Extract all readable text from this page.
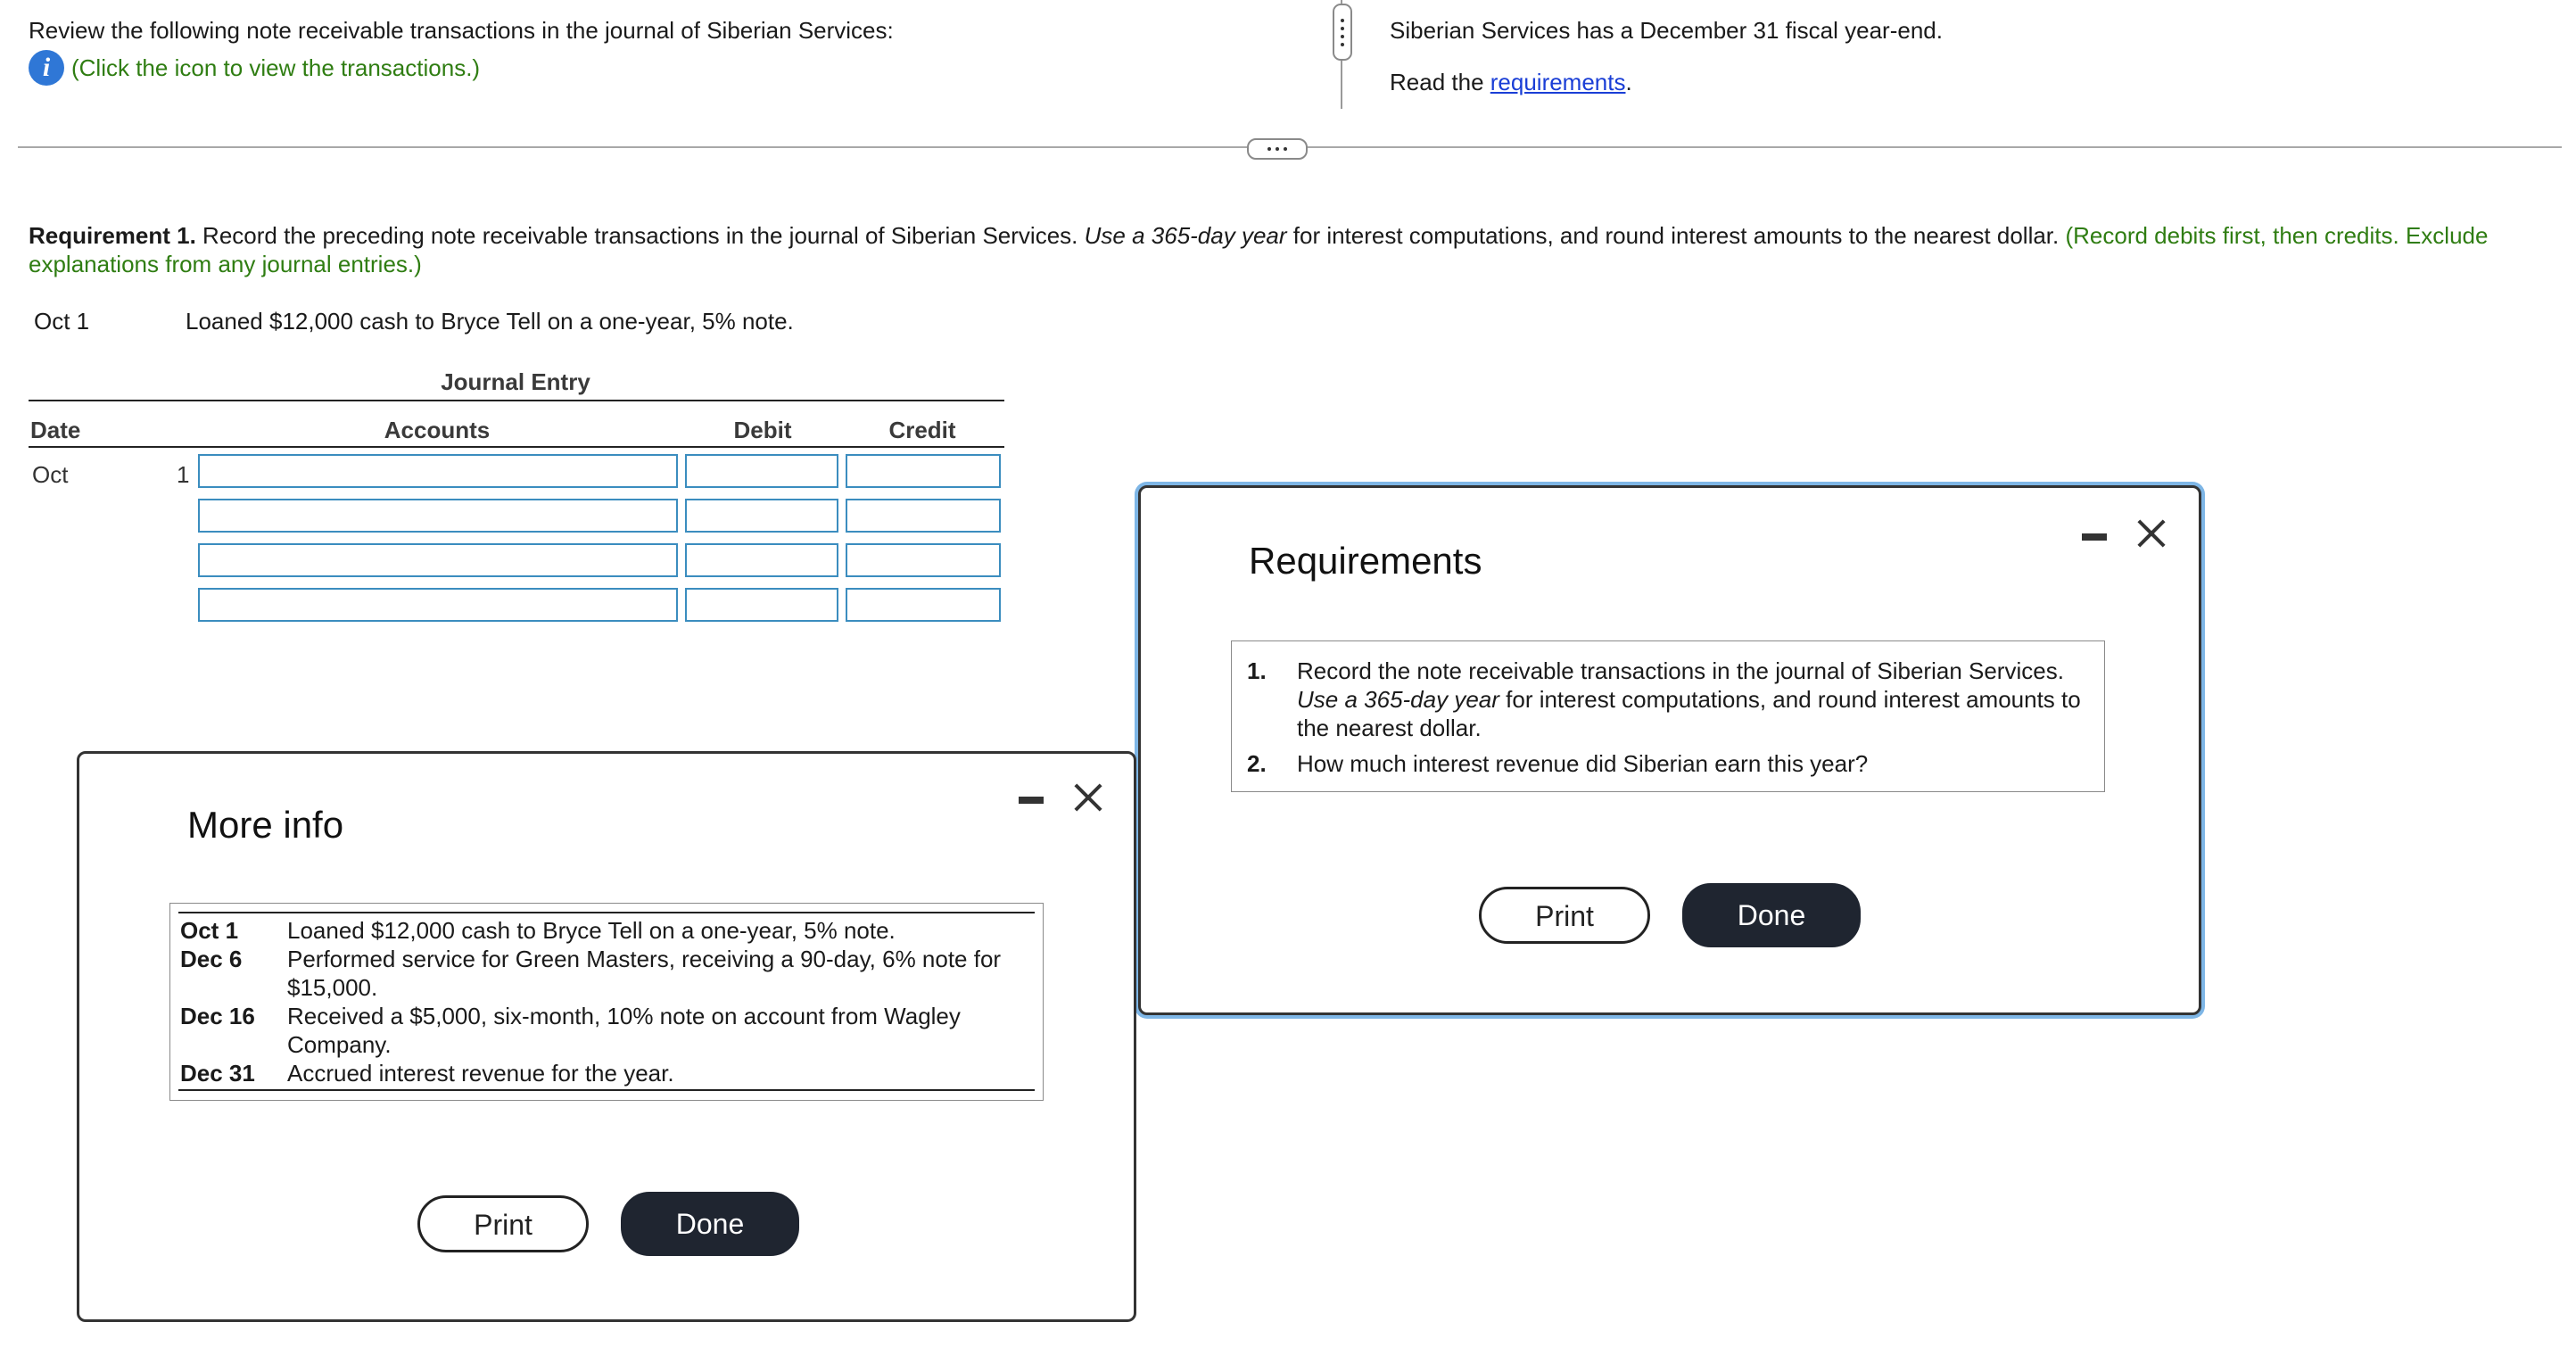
Review the following note receivable transactions in the journal of Siberian Services:
i (Click the icon to view the transactions.)
Siberian Services has a December 31 fiscal year-end.
Read the requirements.
Requirement 1. Record the preceding note receivable transactions in the journal of Siberian Services. Use a 365-day year for interest computations, and round interest amounts to the nearest dollar. (Record debits first, then credits. Exclude explanations from any journal entries.)
Oct 1	Loaned $12,000 cash to Bryce Tell on a one-year, 5% note.
Journal Entry
Date	Accounts	Debit	Credit
Oct	1
Requirements
1. Record the note receivable transactions in the journal of Siberian Services.
Use a 365-day year for interest computations, and round interest amounts to
the nearest dollar.
2. How much interest revenue did Siberian earn this year?
Print	Done
More info
Oct 1 Loaned $12,000 cash to Bryce Tell on a one-year, 5% note.
Dec 6 Performed service for Green Masters, receiving a 90-day, 6% note for $15,000.
Dec 16 Received a $5,000, six-month, 10% note on account from Wagley Company.
Dec 31 Accrued interest revenue for the year.
Print	Done
